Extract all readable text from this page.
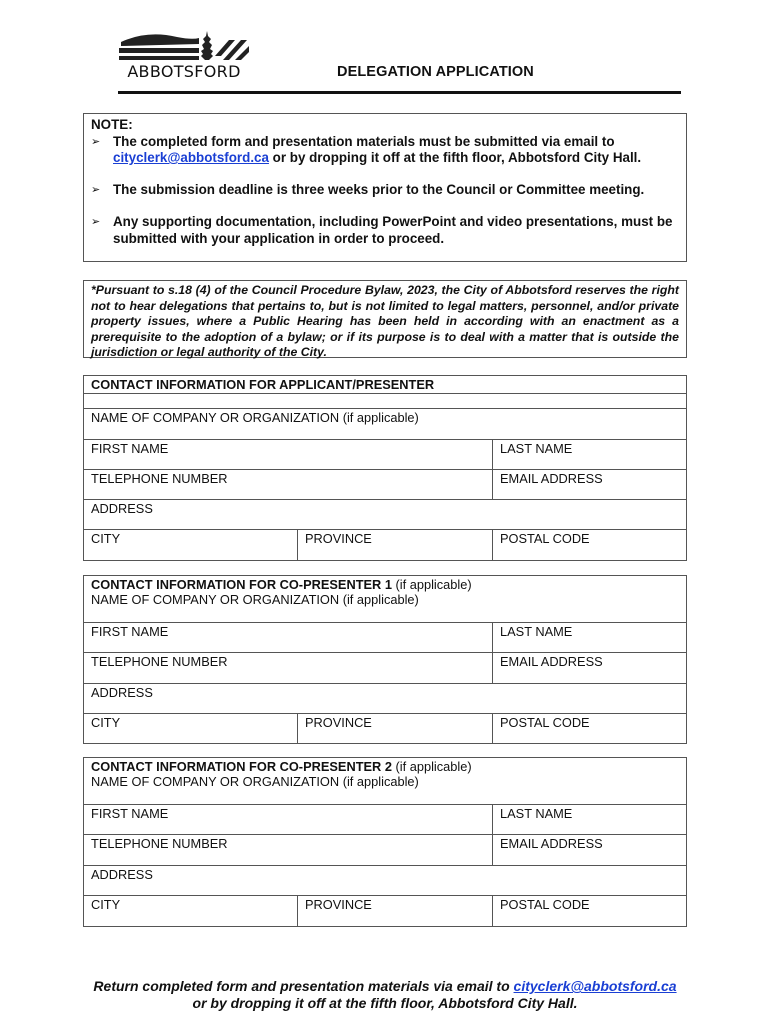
ABBOTSFORD	DELEGATION APPLICATION
NOTE:
➢ The completed form and presentation materials must be submitted via email to
cityclerk@abbotsford.ca or by dropping it off at the fifth floor, Abbotsford City Hall.
➢ The submission deadline is three weeks prior to the Council or Committee meeting.
➢ Any supporting documentation, including PowerPoint and video presentations, must be submitted with your application in order to proceed.
*Pursuant to s.18 (4) of the Council Procedure Bylaw, 2023, the City of Abbotsford reserves the right not to hear delegations that pertains to, but is not limited to legal matters, personnel, and/or private property issues, where a Public Hearing has been held in according with an enactment as a prerequisite to the adoption of a bylaw; or if its purpose is to deal with a matter that is outside the jurisdiction or legal authority of the City.
CONTACT INFORMATION FOR APPLICANT/PRESENTER		

NAME OF COMPANY OR ORGANIZATION (if applicable)		
FIRST NAME		LAST NAME
TELEPHONE NUMBER		EMAIL ADDRESS
ADDRESS		
CITY	PROVINCE	POSTAL CODE
CONTACT INFORMATION FOR CO-PRESENTER 1 (if applicable)		
NAME OF COMPANY OR ORGANIZATION (if applicable)		
FIRST NAME		LAST NAME
TELEPHONE NUMBER		EMAIL ADDRESS
ADDRESS		
CITY	PROVINCE	POSTAL CODE
CONTACT INFORMATION FOR CO-PRESENTER 2 (if applicable)		
NAME OF COMPANY OR ORGANIZATION (if applicable)		
FIRST NAME		LAST NAME
TELEPHONE NUMBER		EMAIL ADDRESS
ADDRESS		
CITY	PROVINCE	POSTAL CODE
Return completed form and presentation materials via email to cityclerk@abbotsford.ca
or by dropping it off at the fifth floor, Abbotsford City Hall.
